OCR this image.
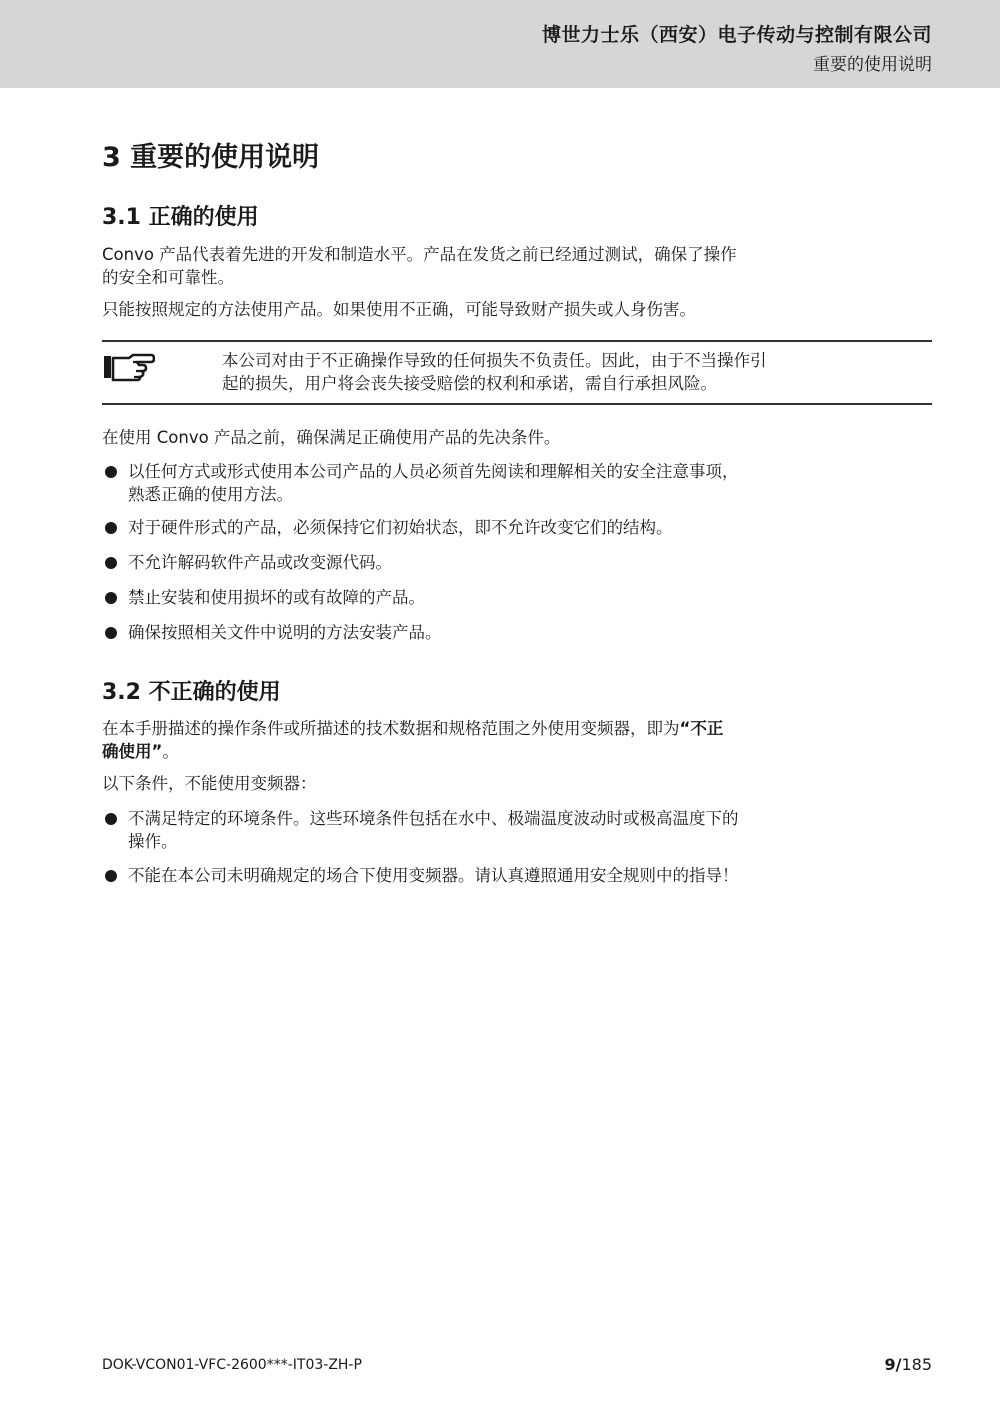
博世力士乐（西安）电子传动与控制有限公司
重要的使用说明
3 重要的使用说明
3.1 正确的使用
Convo 产品代表着先进的开发和制造水平。产品在发货之前已经通过测试，确保了操作
的安全和可靠性。
只能按照规定的方法使用产品。如果使用不正确，可能导致财产损失或人身伤害。
本公司对由于不正确操作导致的任何损失不负责任。因此，由于不当操作引
起的损失，用户将会丧失接受赔偿的权利和承诺，需自行承担风险。
在使用 Convo 产品之前，确保满足正确使用产品的先决条件。
以任何方式或形式使用本公司产品的人员必须首先阅读和理解相关的安全注意事项，
熟悉正确的使用方法。
对于硬件形式的产品，必须保持它们初始状态，即不允许改变它们的结构。
不允许解码软件产品或改变源代码。
禁止安装和使用损坏的或有故障的产品。
确保按照相关文件中说明的方法安装产品。
3.2 不正确的使用
在本手册描述的操作条件或所描述的技术数据和规格范围之外使用变频器，即为“不正
确使用”。
以下条件，不能使用变频器：
不满足特定的环境条件。这些环境条件包括在水中、极端温度波动时或极高温度下的
操作。
不能在本公司未明确规定的场合下使用变频器。请认真遵照通用安全规则中的指导！
DOK-VCON01-VFC-2600***-IT03-ZH-P	9/185
